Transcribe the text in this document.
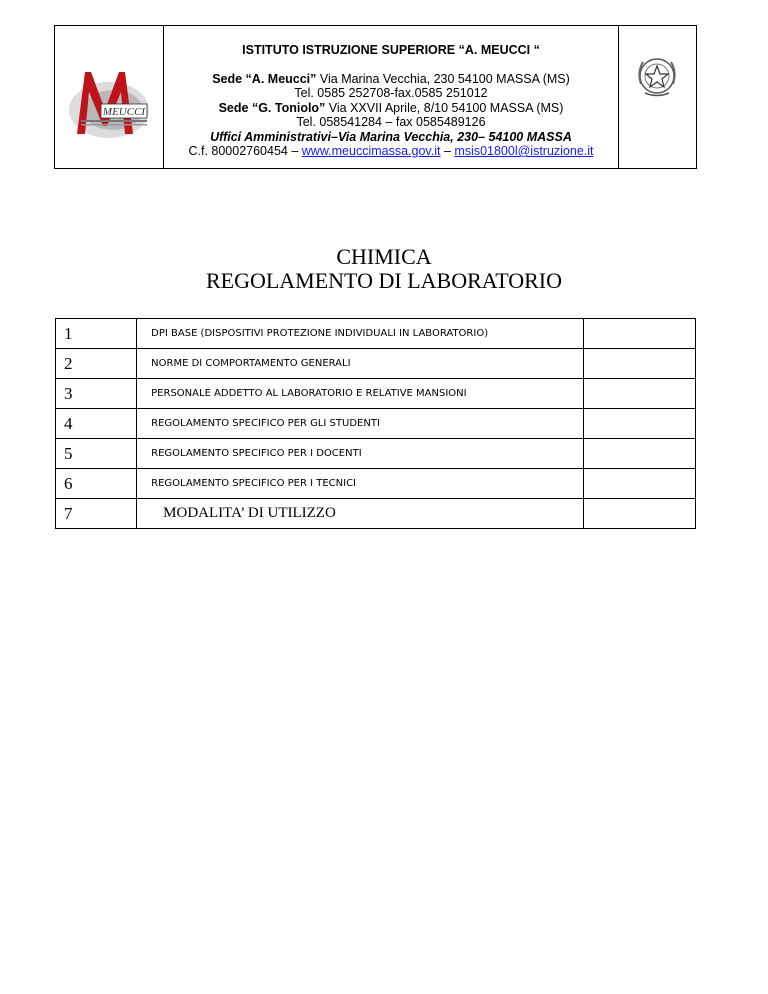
MEUCCI
ISTITUTO ISTRUZIONE SUPERIORE “A. MEUCCI “
Sede “A. Meucci” Via Marina Vecchia, 230 54100 MASSA (MS)
Tel. 0585 252708-fax.0585 251012
Sede “G. Toniolo” Via XXVII Aprile, 8/10 54100 MASSA (MS)
Tel. 058541284 – fax 0585489126
Uffici Amministrativi–Via Marina Vecchia, 230– 54100 MASSA
C.f. 80002760454 – www.meuccimassa.gov.it – msis01800l@istruzione.it
CHIMICA
REGOLAMENTO DI LABORATORIO
1	DPI BASE (DISPOSITIVI PROTEZIONE INDIVIDUALI IN LABORATORIO)	
2	NORME DI COMPORTAMENTO GENERALI	
3	PERSONALE ADDETTO AL LABORATORIO E RELATIVE MANSIONI	
4	REGOLAMENTO SPECIFICO PER GLI STUDENTI	
5	REGOLAMENTO SPECIFICO PER I DOCENTI	
6	REGOLAMENTO SPECIFICO PER I TECNICI	
7	MODALITA’ DI UTILIZZO	
